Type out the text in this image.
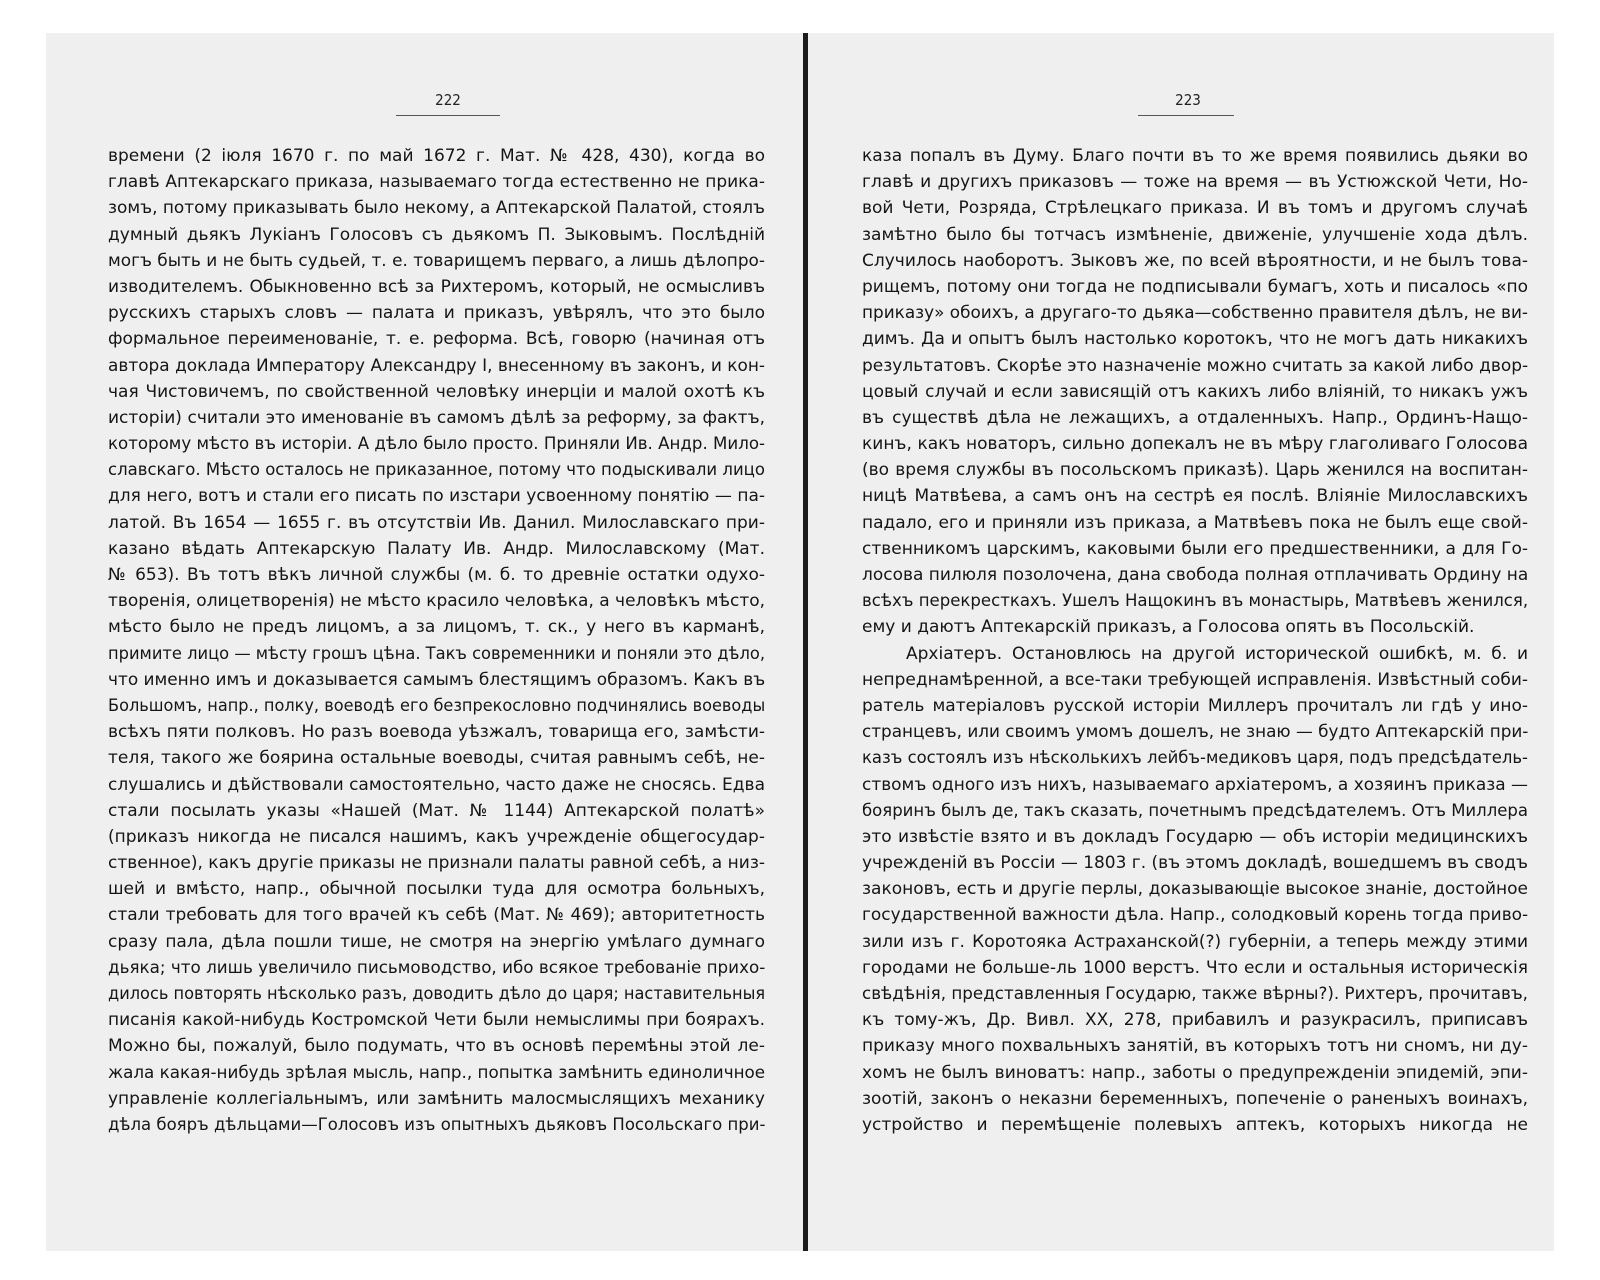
222
времени (2 іюля 1670 г. по май 1672 г. Мат. № 428, 430), когда во
главѣ Аптекарскаго приказа, называемаго тогда естественно не прика-
зомъ, потому приказывать было некому, а Аптекарской Палатой, стоялъ
думный дьякъ Лукіанъ Голосовъ съ дьякомъ П. Зыковымъ. Послѣдній
могъ быть и не быть судьей, т. е. товарищемъ перваго, а лишь дѣлопро-
изводителемъ. Обыкновенно всѣ за Рихтеромъ, который, не осмысливъ
русскихъ старыхъ словъ — палата и приказъ, увѣрялъ, что это было
формальное переименованіе, т. е. реформа. Всѣ, говорю (начиная отъ
автора доклада Императору Александру I, внесенному въ законъ, и кон-
чая Чистовичемъ, по свойственной человѣку инерціи и малой охотѣ къ
исторіи) считали это именованіе въ самомъ дѣлѣ за реформу, за фактъ,
которому мѣсто въ исторіи. А дѣло было просто. Приняли Ив. Андр. Мило-
славскаго. Мѣсто осталось не приказанное, потому что подыскивали лицо
для него, вотъ и стали его писать по изстари усвоенному понятію — па-
латой. Въ 1654 — 1655 г. въ отсутствіи Ив. Данил. Милославскаго при-
казано вѣдать Аптекарскую Палату Ив. Андр. Милославскому (Мат.
№ 653). Въ тотъ вѣкъ личной службы (м. б. то древніе остатки одухо-
творенія, олицетворенія) не мѣсто красило человѣка, а человѣкъ мѣсто,
мѣсто было не предъ лицомъ, а за лицомъ, т. ск., у него въ карманѣ,
примите лицо — мѣсту грошъ цѣна. Такъ современники и поняли это дѣло,
что именно имъ и доказывается самымъ блестящимъ образомъ. Какъ въ
Большомъ, напр., полку, воеводѣ его безпрекословно подчинялись воеводы
всѣхъ пяти полковъ. Но разъ воевода уѣзжалъ, товарища его, замѣсти-
теля, такого же боярина остальные воеводы, считая равнымъ себѣ, не-
слушались и дѣйствовали самостоятельно, часто даже не сносясь. Едва
стали посылать указы «Нашей (Мат. № 1144) Аптекарской полатѣ»
(приказъ никогда не писался нашимъ, какъ учрежденіе общегосудар-
ственное), какъ другіе приказы не признали палаты равной себѣ, а низ-
шей и вмѣсто, напр., обычной посылки туда для осмотра больныхъ,
стали требовать для того врачей къ себѣ (Мат. № 469); авторитетность
сразу пала, дѣла пошли тише, не смотря на энергію умѣлаго думнаго
дьяка; что лишь увеличило письмоводство, ибо всякое требованіе прихо-
дилось повторять нѣсколько разъ, доводить дѣло до царя; наставительныя
писанія какой-нибудь Костромской Чети были немыслимы при боярахъ.
Можно бы, пожалуй, было подумать, что въ основѣ перемѣны этой ле-
жала какая-нибудь зрѣлая мысль, напр., попытка замѣнить единоличное
управленіе коллегіальнымъ, или замѣнить малосмыслящихъ механику
дѣла бояръ дѣльцами—Голосовъ изъ опытныхъ дьяковъ Посольскаго при-
223
каза попалъ въ Думу. Благо почти въ то же время появились дьяки во
главѣ и другихъ приказовъ — тоже на время — въ Устюжской Чети, Но-
вой Чети, Розряда, Стрѣлецкаго приказа. И въ томъ и другомъ случаѣ
замѣтно было бы тотчасъ измѣненіе, движеніе, улучшеніе хода дѣлъ.
Случилось наоборотъ. Зыковъ же, по всей вѣроятности, и не былъ това-
рищемъ, потому они тогда не подписывали бумагъ, хоть и писалось «по
приказу» обоихъ, а другаго-то дьяка—собственно правителя дѣлъ, не ви-
димъ. Да и опытъ былъ настолько коротокъ, что не могъ дать никакихъ
результатовъ. Скорѣе это назначеніе можно считать за какой либо двор-
цовый случай и если зависящій отъ какихъ либо вліяній, то никакъ ужъ
въ существѣ дѣла не лежащихъ, а отдаленныхъ. Напр., Ординъ-Нащо-
кинъ, какъ новаторъ, сильно допекалъ не въ мѣру глаголиваго Голосова
(во время службы въ посольскомъ приказѣ). Царь женился на воспитан-
ницѣ Матвѣева, а самъ онъ на сестрѣ ея послѣ. Вліяніе Милославскихъ
падало, его и приняли изъ приказа, а Матвѣевъ пока не былъ еще свой-
ственникомъ царскимъ, каковыми были его предшественники, а для Го-
лосова пилюля позолочена, дана свобода полная отплачивать Ордину на
всѣхъ перекресткахъ. Ушелъ Нащокинъ въ монастырь, Матвѣевъ женился,
ему и даютъ Аптекарскій приказъ, а Голосова опять въ Посольскій.
Архіатеръ. Остановлюсь на другой исторической ошибкѣ, м. б. и
непреднамѣренной, а все-таки требующей исправленія. Извѣстный соби-
ратель матеріаловъ русской исторіи Миллеръ прочиталъ ли гдѣ у ино-
странцевъ, или своимъ умомъ дошелъ, не знаю — будто Аптекарскій при-
казъ состоялъ изъ нѣсколькихъ лейбъ-медиковъ царя, подъ предсѣдатель-
ствомъ одного изъ нихъ, называемаго архіатеромъ, а хозяинъ приказа —
бояринъ былъ де, такъ сказать, почетнымъ предсѣдателемъ. Отъ Миллера
это извѣстіе взято и въ докладъ Государю — объ исторіи медицинскихъ
учрежденій въ Россіи — 1803 г. (въ этомъ докладѣ, вошедшемъ въ сводъ
законовъ, есть и другіе перлы, доказывающіе высокое знаніе, достойное
государственной важности дѣла. Напр., солодковый корень тогда приво-
зили изъ г. Коротояка Астраханской(?) губерніи, а теперь между этими
городами не больше-ль 1000 верстъ. Что если и остальныя историческія
свѣдѣнія, представленныя Государю, также вѣрны?). Рихтеръ, прочитавъ,
къ тому-жъ, Др. Вивл. XX, 278, прибавилъ и разукрасилъ, приписавъ
приказу много похвальныхъ занятій, въ которыхъ тотъ ни сномъ, ни ду-
хомъ не былъ виноватъ: напр., заботы о предупрежденіи эпидемій, эпи-
зоотій, законъ о неказни беременныхъ, попеченіе о раненыхъ воинахъ,
устройство и перемѣщеніе полевыхъ аптекъ, которыхъ никогда не
